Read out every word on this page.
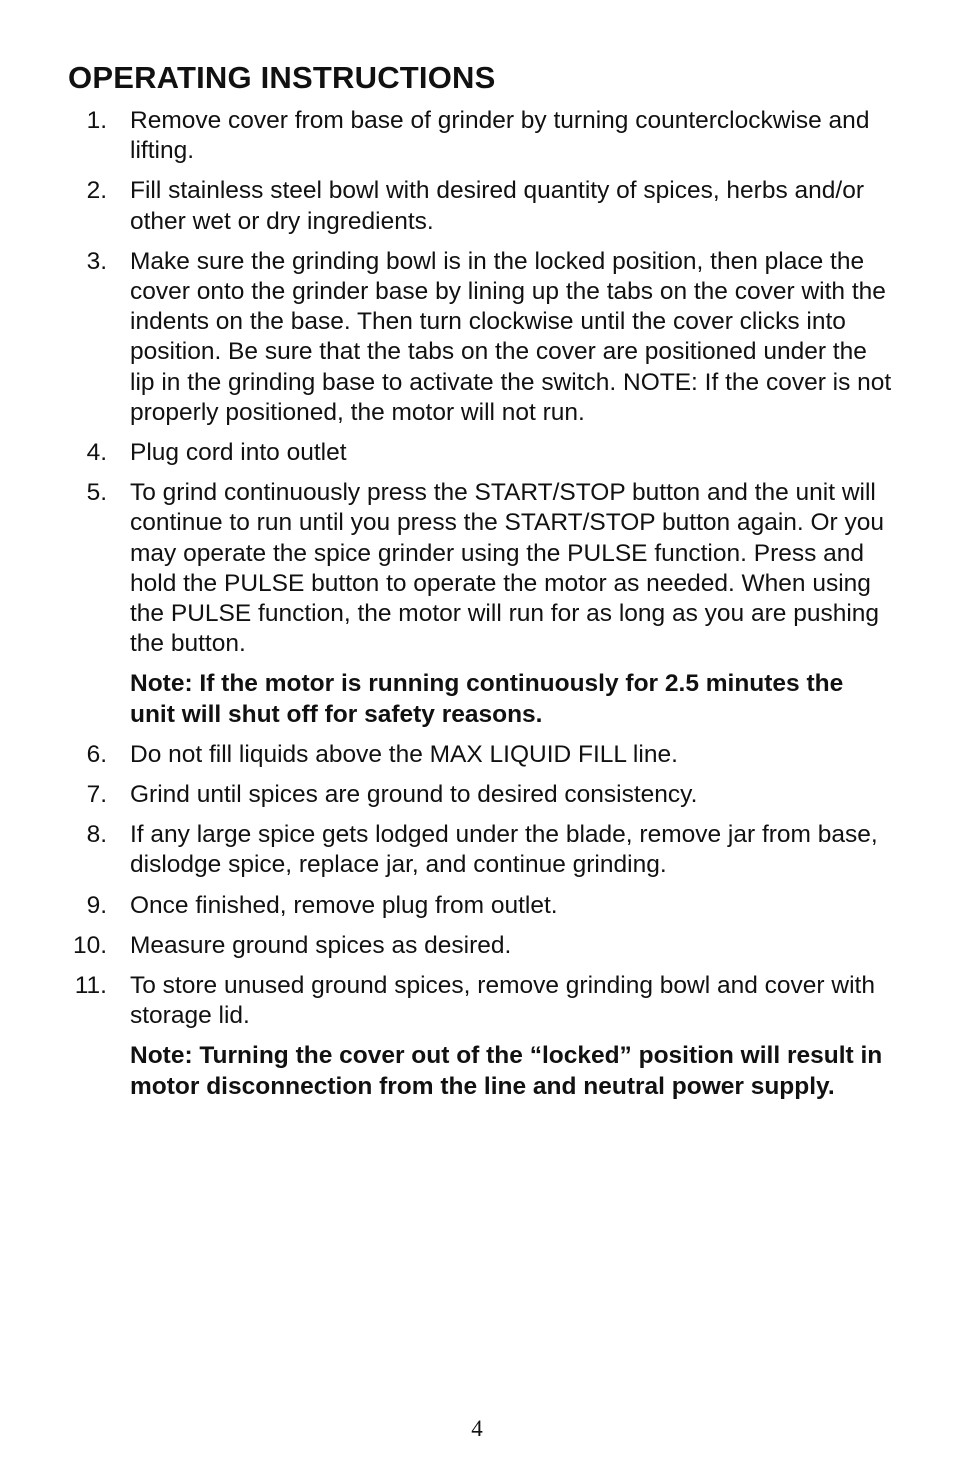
OPERATING INSTRUCTIONS
1. Remove cover from base of grinder by turning counterclockwise and lifting.
2. Fill stainless steel bowl with desired quantity of spices, herbs and/or other wet or dry ingredients.
3. Make sure the grinding bowl is in the locked position, then place the cover onto the grinder base by lining up the tabs on the cover with the indents on the base. Then turn clockwise until the cover clicks into position. Be sure that the tabs on the cover are positioned under the lip in the grinding base to activate the switch. NOTE: If the cover is not properly positioned, the motor will not run.
4. Plug cord into outlet
5. To grind continuously press the START/STOP button and the unit will continue to run until you press the START/STOP button again. Or you may operate the spice grinder using the PULSE function. Press and hold the PULSE button to operate the motor as needed. When using the PULSE function, the motor will run for as long as you are pushing the button.
Note: If the motor is running continuously for 2.5 minutes the unit will shut off for safety reasons.
6. Do not fill liquids above the MAX LIQUID FILL line.
7. Grind until spices are ground to desired consistency.
8. If any large spice gets lodged under the blade, remove jar from base, dislodge spice, replace jar, and continue grinding.
9. Once finished, remove plug from outlet.
10. Measure ground spices as desired.
11. To store unused ground spices, remove grinding bowl and cover with storage lid.
Note: Turning the cover out of the “locked” position will result in motor disconnection from the line and neutral power supply.
4
